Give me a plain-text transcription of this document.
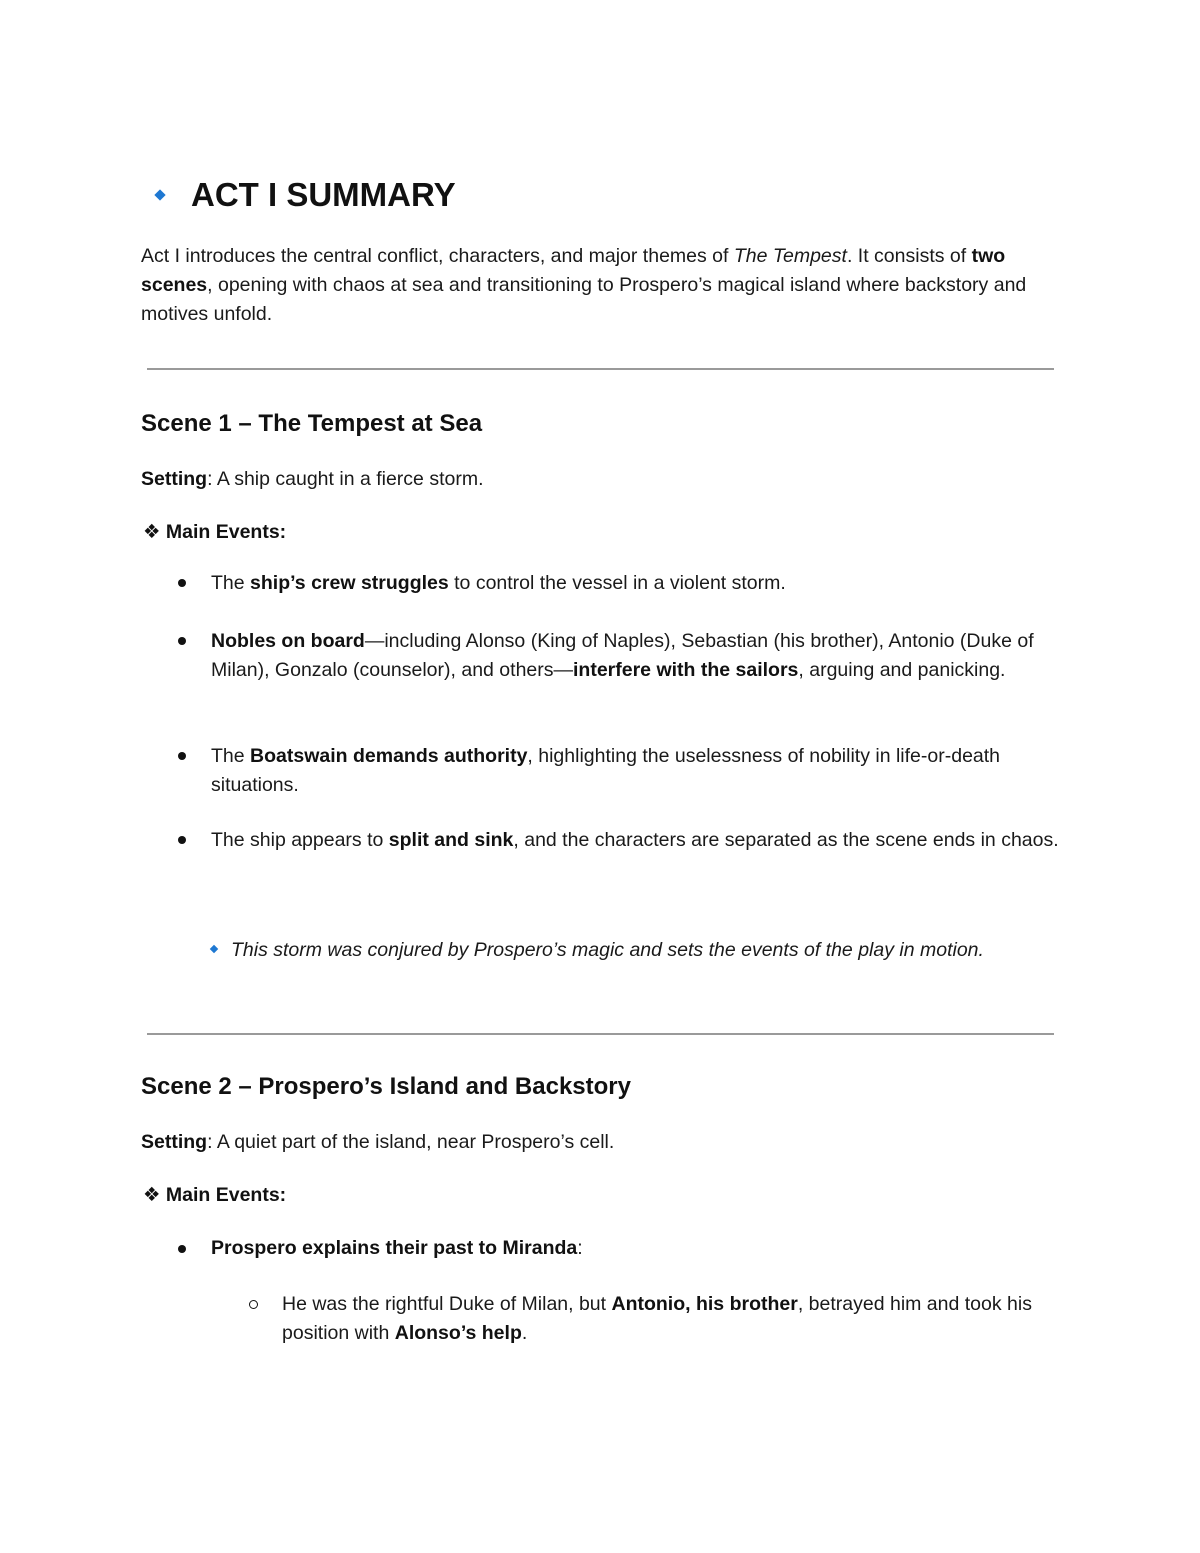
ACT I SUMMARY
Act I introduces the central conflict, characters, and major themes of The Tempest. It consists of two scenes, opening with chaos at sea and transitioning to Prospero’s magical island where backstory and motives unfold.
Scene 1 – The Tempest at Sea
Setting: A ship caught in a fierce storm.
❖ Main Events:
The ship’s crew struggles to control the vessel in a violent storm.
Nobles on board—including Alonso (King of Naples), Sebastian (his brother), Antonio (Duke of Milan), Gonzalo (counselor), and others—interfere with the sailors, arguing and panicking.
The Boatswain demands authority, highlighting the uselessness of nobility in life-or-death situations.
The ship appears to split and sink, and the characters are separated as the scene ends in chaos.
This storm was conjured by Prospero’s magic and sets the events of the play in motion.
Scene 2 – Prospero’s Island and Backstory
Setting: A quiet part of the island, near Prospero’s cell.
❖ Main Events:
Prospero explains their past to Miranda:
He was the rightful Duke of Milan, but Antonio, his brother, betrayed him and took his position with Alonso’s help.
